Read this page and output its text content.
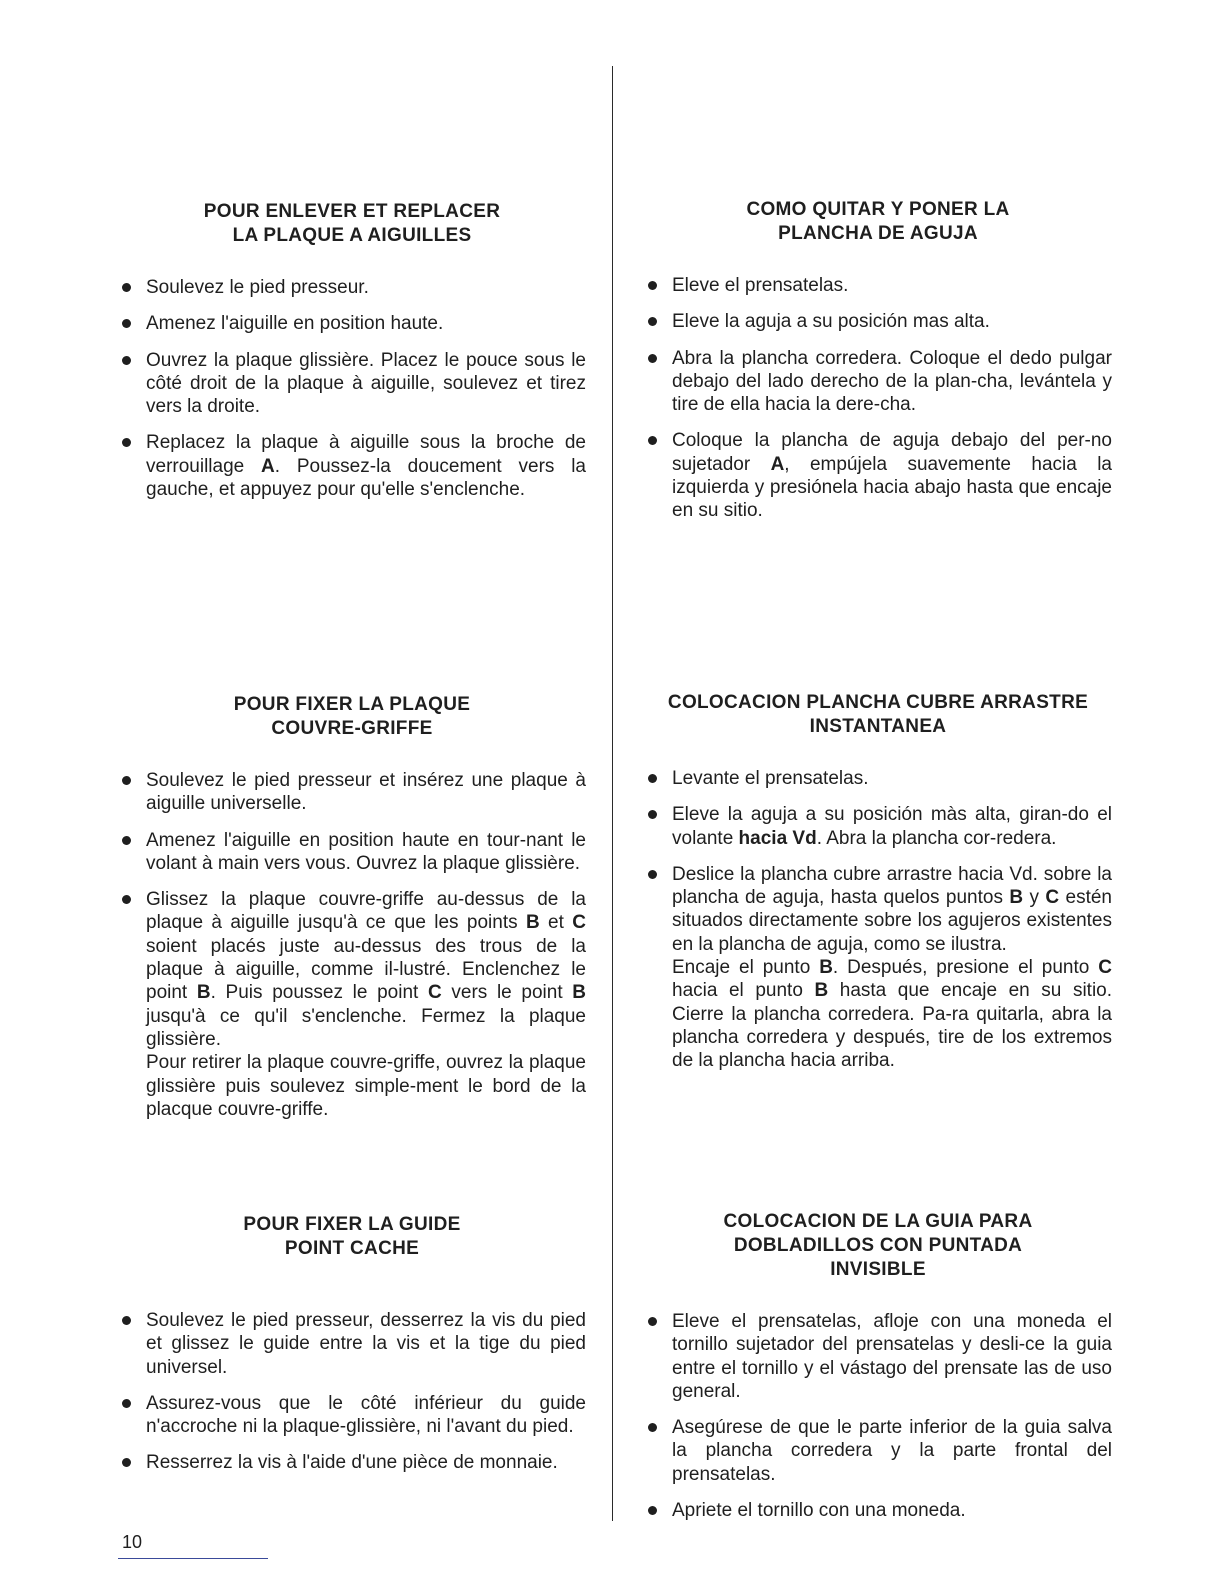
POUR ENLEVER ET REPLACER
LA PLAQUE A AIGUILLES
Soulevez le pied presseur.
Amenez l'aiguille en position haute.
Ouvrez la plaque glissière. Placez le pouce sous le côté droit de la plaque à aiguille, soulevez et tirez vers la droite.
Replacez la plaque à aiguille sous la broche de verrouillage A. Poussez-la doucement vers la gauche, et appuyez pour qu'elle s'enclenche.
POUR FIXER LA PLAQUE
COUVRE-GRIFFE
Soulevez le pied presseur et insérez une plaque à aiguille universelle.
Amenez l'aiguille en position haute en tour-nant le volant à main vers vous. Ouvrez la plaque glissière.
Glissez la plaque couvre-griffe au-dessus de la plaque à aiguille jusqu'à ce que les points B et C soient placés juste au-dessus des trous de la plaque à aiguille, comme il-lustré. Enclenchez le point B. Puis poussez le point C vers le point B jusqu'à ce qu'il s'enclenche. Fermez la plaque glissière.
Pour retirer la plaque couvre-griffe, ouvrez la plaque glissière puis soulevez simple-ment le bord de la placque couvre-griffe.
POUR FIXER LA GUIDE
POINT CACHE
Soulevez le pied presseur, desserrez la vis du pied et glissez le guide entre la vis et la tige du pied universel.
Assurez-vous que le côté inférieur du guide n'accroche ni la plaque-glissière, ni l'avant du pied.
Resserrez la vis à l'aide d'une pièce de monnaie.
COMO QUITAR Y PONER LA
PLANCHA DE AGUJA
Eleve el prensatelas.
Eleve la aguja a su posición mas alta.
Abra la plancha corredera. Coloque el dedo pulgar debajo del lado derecho de la plan-cha, levántela y tire de ella hacia la dere-cha.
Coloque la plancha de aguja debajo del per-no sujetador A, empújela suavemente hacia la izquierda y presiónela hacia abajo hasta que encaje en su sitio.
COLOCACION PLANCHA CUBRE ARRASTRE
INSTANTANEA
Levante el prensatelas.
Eleve la aguja a su posición màs alta, giran-do el volante hacia Vd. Abra la plancha cor-redera.
Deslice la plancha cubre arrastre hacia Vd. sobre la plancha de aguja, hasta quelos puntos B y C estén situados directamente sobre los agujeros existentes en la plancha de aguja, como se ilustra.
Encaje el punto B. Después, presione el punto C hacia el punto B hasta que encaje en su sitio. Cierre la plancha corredera. Pa-ra quitarla, abra la plancha corredera y después, tire de los extremos de la plancha hacia arriba.
COLOCACION DE LA GUIA PARA
DOBLADILLOS CON PUNTADA
INVISIBLE
Eleve el prensatelas, afloje con una moneda el tornillo sujetador del prensatelas y desli-ce la guia entre el tornillo y el vástago del prensate las de uso general.
Asegúrese de que le parte inferior de la guia salva la plancha corredera y la parte frontal del prensatelas.
Apriete el tornillo con una moneda.
10
